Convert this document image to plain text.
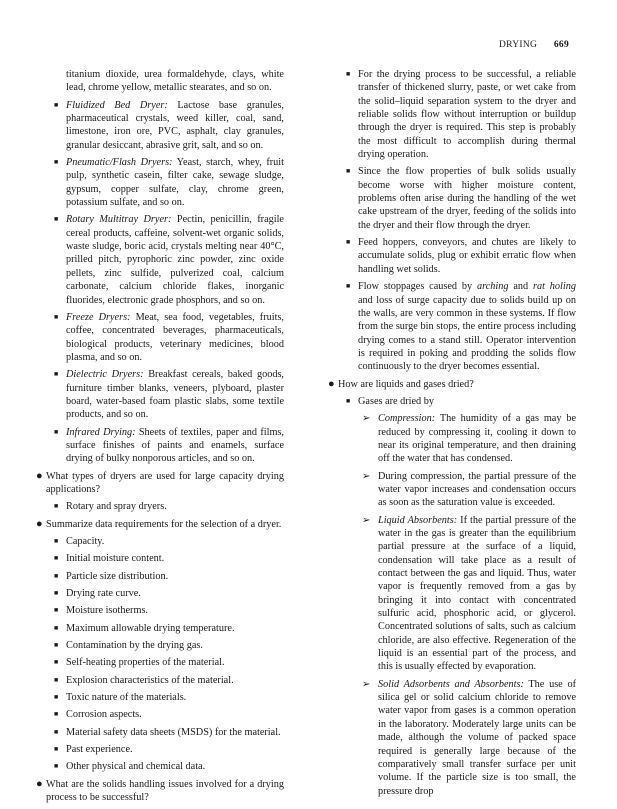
DRYING 669
titanium dioxide, urea formaldehyde, clays, white lead, chrome yellow, metallic stearates, and so on.
■ Fluidized Bed Dryer: Lactose base granules, pharmaceutical crystals, weed killer, coal, sand, limestone, iron ore, PVC, asphalt, clay granules, granular desiccant, abrasive grit, salt, and so on.
■ Pneumatic/Flash Dryers: Yeast, starch, whey, fruit pulp, synthetic casein, filter cake, sewage sludge, gypsum, copper sulfate, clay, chrome green, potassium sulfate, and so on.
■ Rotary Multitray Dryer: Pectin, penicillin, fragile cereal products, caffeine, solvent-wet organic solids, waste sludge, boric acid, crystals melting near 40°C, prilled pitch, pyrophoric zinc powder, zinc oxide pellets, zinc sulfide, pulverized coal, calcium carbonate, calcium chloride flakes, inorganic fluorides, electronic grade phosphors, and so on.
■ Freeze Dryers: Meat, sea food, vegetables, fruits, coffee, concentrated beverages, pharmaceuticals, biological products, veterinary medicines, blood plasma, and so on.
■ Dielectric Dryers: Breakfast cereals, baked goods, furniture timber blanks, veneers, plyboard, plaster board, water-based foam plastic slabs, some textile products, and so on.
■ Infrared Drying: Sheets of textiles, paper and films, surface finishes of paints and enamels, surface drying of bulky nonporous articles, and so on.
● What types of dryers are used for large capacity drying applications?
■ Rotary and spray dryers.
● Summarize data requirements for the selection of a dryer.
■ Capacity.
■ Initial moisture content.
■ Particle size distribution.
■ Drying rate curve.
■ Moisture isotherms.
■ Maximum allowable drying temperature.
■ Contamination by the drying gas.
■ Self-heating properties of the material.
■ Explosion characteristics of the material.
■ Toxic nature of the materials.
■ Corrosion aspects.
■ Material safety data sheets (MSDS) for the material.
■ Past experience.
■ Other physical and chemical data.
● What are the solids handling issues involved for a drying process to be successful?
■ For the drying process to be successful, a reliable transfer of thickened slurry, paste, or wet cake from the solid–liquid separation system to the dryer and reliable solids flow without interruption or buildup through the dryer is required. This step is probably the most difficult to accomplish during thermal drying operation.
■ Since the flow properties of bulk solids usually become worse with higher moisture content, problems often arise during the handling of the wet cake upstream of the dryer, feeding of the solids into the dryer and their flow through the dryer.
■ Feed hoppers, conveyors, and chutes are likely to accumulate solids, plug or exhibit erratic flow when handling wet solids.
■ Flow stoppages caused by arching and rat holing and loss of surge capacity due to solids build up on the walls, are very common in these systems. If flow from the surge bin stops, the entire process including drying comes to a stand still. Operator intervention is required in poking and prodding the solids flow continuously to the dryer becomes essential.
● How are liquids and gases dried?
■ Gases are dried by
➢ Compression: The humidity of a gas may be reduced by compressing it, cooling it down to near its original temperature, and then draining off the water that has condensed.
➢ During compression, the partial pressure of the water vapor increases and condensation occurs as soon as the saturation value is exceeded.
➢ Liquid Absorbents: If the partial pressure of the water in the gas is greater than the equilibrium partial pressure at the surface of a liquid, condensation will take place as a result of contact between the gas and liquid. Thus, water vapor is frequently removed from a gas by bringing it into contact with concentrated sulfuric acid, phosphoric acid, or glycerol. Concentrated solutions of salts, such as calcium chloride, are also effective. Regeneration of the liquid is an essential part of the process, and this is usually effected by evaporation.
➢ Solid Adsorbents and Absorbents: The use of silica gel or solid calcium chloride to remove water vapor from gases is a common operation in the laboratory. Moderately large units can be made, although the volume of packed space required is generally large because of the comparatively small transfer surface per unit volume. If the particle size is too small, the pressure drop
